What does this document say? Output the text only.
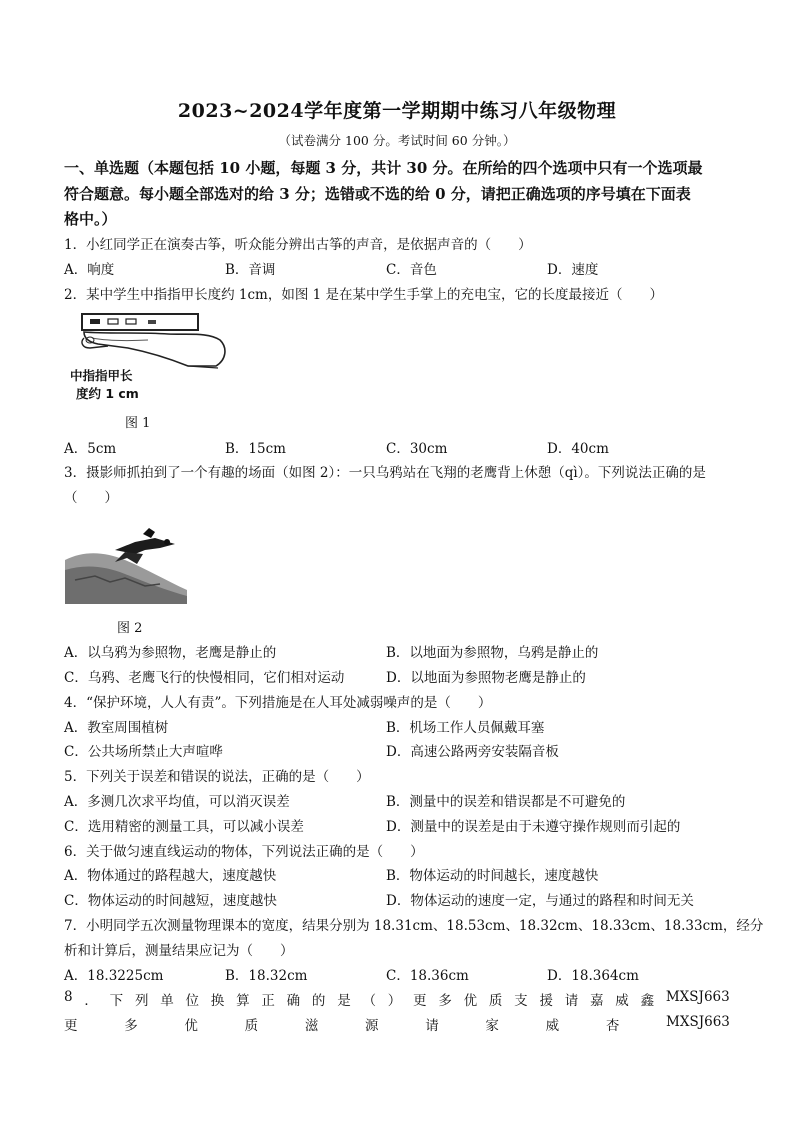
2023~2024学年度第一学期期中练习八年级物理
（试卷满分 100 分。考试时间 60 分钟。）
一、单选题（本题包括 10 小题，每题 3 分，共计 30 分。在所给的四个选项中只有一个选项最
符合题意。每小题全部选对的给 3 分；选错或不选的给 0 分，请把正确选项的序号填在下面表
格中。）
1．小红同学正在演奏古筝，听众能分辨出古筝的声音，是依据声音的（　　）
A．响度	B．音调	C．音色	D．速度
2．某中学生中指指甲长度约 1cm，如图 1 是在某中学生手掌上的充电宝，它的长度最接近（　　）
中指指甲长
度约 1 cm
图 1
A．5cm	B．15cm	C．30cm	D．40cm
3．摄影师抓拍到了一个有趣的场面（如图 2）：一只乌鸦站在飞翔的老鹰背上休憩（qì）。下列说法正确的是
（　　）
图 2
A．以乌鸦为参照物，老鹰是静止的	B．以地面为参照物，乌鸦是静止的
C．乌鸦、老鹰飞行的快慢相同，它们相对运动	D．以地面为参照物老鹰是静止的
4．“保护环境，人人有责”。下列措施是在人耳处减弱噪声的是（　　）
A．教室周围植树	B．机场工作人员佩戴耳塞
C．公共场所禁止大声喧哗	D．高速公路两旁安装隔音板
5．下列关于误差和错误的说法，正确的是（　　）
A．多测几次求平均值，可以消灭误差	B．测量中的误差和错误都是不可避免的
C．选用精密的测量工具，可以减小误差	D．测量中的误差是由于未遵守操作规则而引起的
6．关于做匀速直线运动的物体，下列说法正确的是（　　）
A．物体通过的路程越大，速度越快	B．物体运动的时间越长，速度越快
C．物体运动的时间越短，速度越快	D．物体运动的速度一定，与通过的路程和时间无关
7．小明同学五次测量物理课本的宽度，结果分别为 18.31cm、18.53cm、18.32cm、18.33cm、18.33cm，经分
析和计算后，测量结果应记为（　　）
A．18.3225cm	B．18.32cm	C．18.36cm	D．18.364cm
8 ． 下 列 单 位 换 算 正 确 的 是 （ ） 更 多 优 质 支 援 请 嘉 威 鑫 MXSJ663
更	多	优	质	滋	源	请	家	威	杏	MXSJ663
